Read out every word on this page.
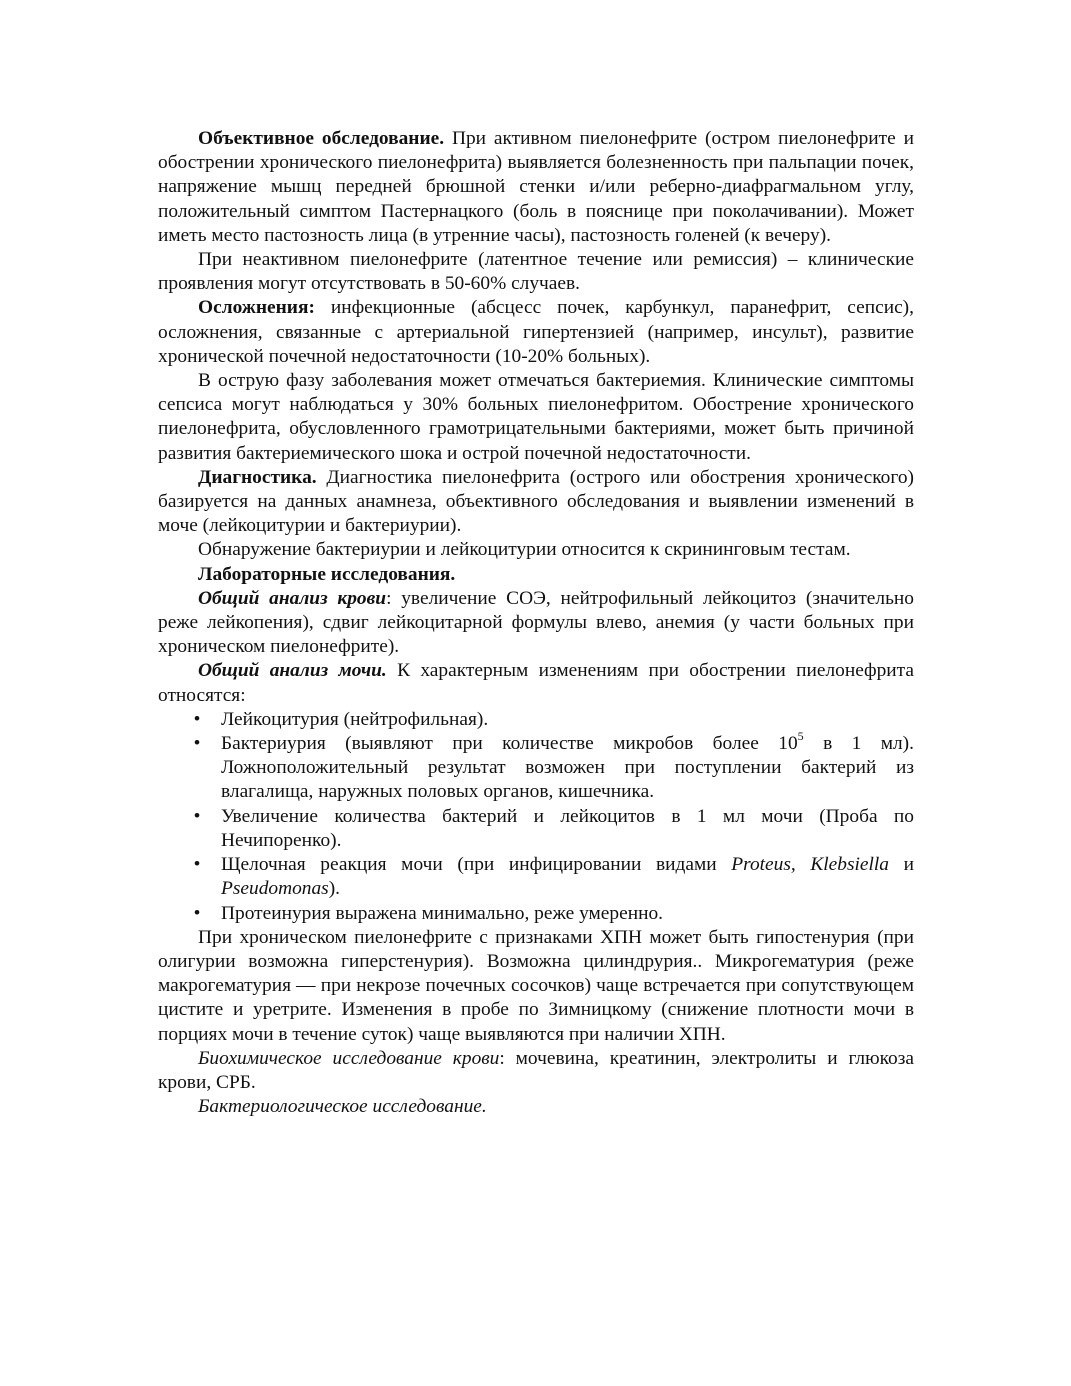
Объективное обследование. При активном пиелонефрите (остром пиелонефрите и обострении хронического пиелонефрита) выявляется болезненность при пальпации почек, напряжение мышц передней брюшной стенки и/или реберно-диафрагмальном углу, положительный симптом Пастернацкого (боль в пояснице при поколачивании). Может иметь место пастозность лица (в утренние часы), пастозность голеней (к вечеру).

При неактивном пиелонефрите (латентное течение или ремиссия) – клинические проявления могут отсутствовать в 50-60% случаев.

Осложнения: инфекционные (абсцесс почек, карбункул, паранефрит, сепсис), осложнения, связанные с артериальной гипертензией (например, инсульт), развитие хронической почечной недостаточности (10-20% больных).

В острую фазу заболевания может отмечаться бактериемия. Клинические симптомы сепсиса могут наблюдаться у 30% больных пиелонефритом. Обострение хронического пиелонефрита, обусловленного грамотрицательными бактериями, может быть причиной развития бактериемического шока и острой почечной недостаточности.

Диагностика. Диагностика пиелонефрита (острого или обострения хронического) базируется на данных анамнеза, объективного обследования и выявлении изменений в моче (лейкоцитурии и бактериурии).

Обнаружение бактериурии и лейкоцитурии относится к скрининговым тестам.

Лабораторные исследования.

Общий анализ крови: увеличение СОЭ, нейтрофильный лейкоцитоз (значительно реже лейкопения), сдвиг лейкоцитарной формулы влево, анемия (у части больных при хроническом пиелонефрите).

Общий анализ мочи. К характерным изменениям при обострении пиелонефрита относятся:

• Лейкоцитурия (нейтрофильная).
• Бактериурия (выявляют при количестве микробов более $10^5$ в 1 мл). Ложноположительный результат возможен при поступлении бактерий из влагалища, наружных половых органов, кишечника.
• Увеличение количества бактерий и лейкоцитов в 1 мл мочи (Проба по Нечипоренко).
• Щелочная реакция мочи (при инфицировании видами Proteus, Klebsiella и Pseudomonas).
• Протеинурия выражена минимально, реже умеренно.

При хроническом пиелонефрите с признаками ХПН может быть гипостенурия (при олигурии возможна гиперстенурия). Возможна цилиндрурия.. Микрогематурия (реже макрогематурия — при некрозе почечных сосочков) чаще встречается при сопутствующем цистите и уретрите. Изменения в пробе по Зимницкому (снижение плотности мочи в порциях мочи в течение суток) чаще выявляются при наличии ХПН.

Биохимическое исследование крови: мочевина, креатинин, электролиты и глюкоза крови, СРБ.

Бактериологическое исследование.
